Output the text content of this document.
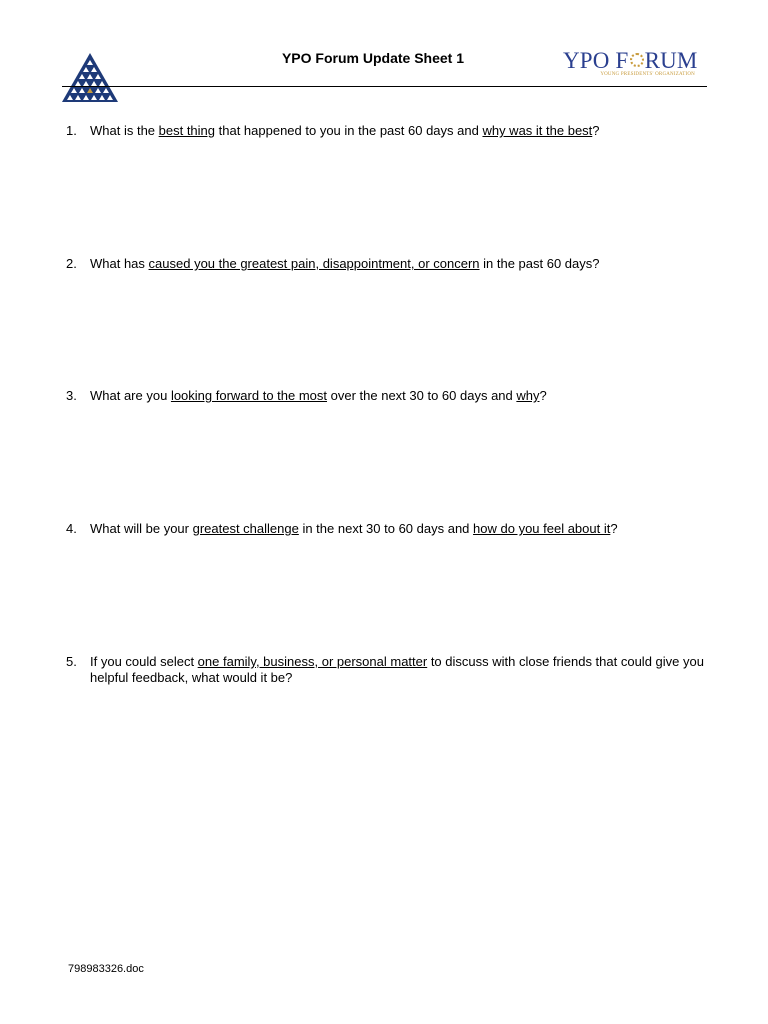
YPO Forum Update Sheet 1	YPO F RUM
YOUNG PRESIDENTS' ORGANIZATION
1.	What is the best thing that happened to you in the past 60 days and why was it the best?
2.	What has caused you the greatest pain, disappointment, or concern in the past 60 days?
3.	What are you looking forward to the most over the next 30 to 60 days and why?
4.	What will be your greatest challenge in the next 30 to 60 days and how do you feel about it?
5.	If you could select one family, business, or personal matter to discuss with close friends that could give you helpful feedback, what would it be?
798983326.doc
